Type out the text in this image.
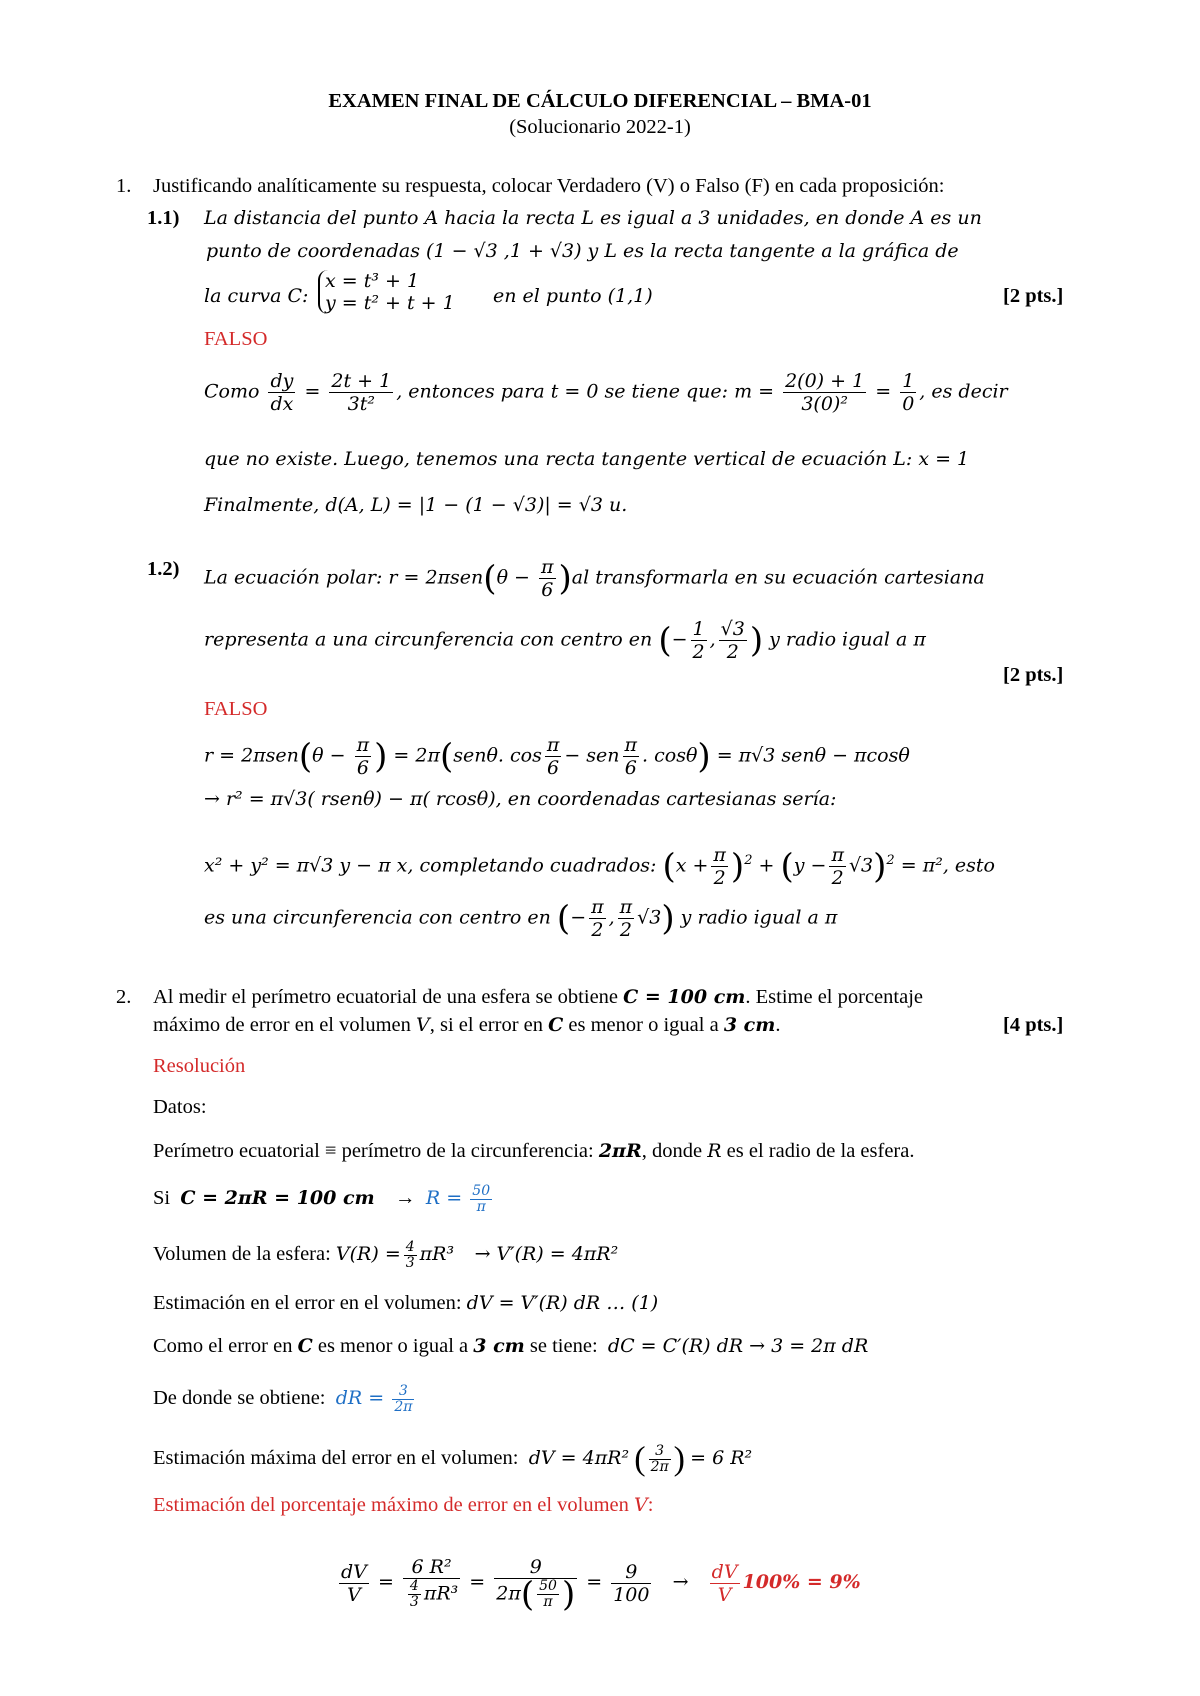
EXAMEN FINAL DE CÁLCULO DIFERENCIAL – BMA-01
(Solucionario 2022-1)
1. Justificando analíticamente su respuesta, colocar Verdadero (V) o Falso (F) en cada proposición:
1.1) La distancia del punto A hacia la recta L es igual a 3 unidades, en donde A es un
punto de coordenadas (1 − √3 ,1 + √3) y L es la recta tangente a la gráfica de
la curva C:
x = t³ + 1
y = t² + t + 1 en el punto (1,1)	[2 pts.]
FALSO
Como $\frac{dy}{dx} = \frac{2t + 1}{\text{3t²}}$ , entonces para t = 0 se tiene que: $m = \frac{2(0) + 1}{\text{3(0)²}} = \frac{1}{0}$ , es decir
que no existe. Luego, tenemos una recta tangente vertical de ecuación L: x = 1
Finalmente, d(A, L) = |1 − (1 − √3)| = √3 u.
1.2) La ecuación polar: $r = 2\pi sen(\theta - \frac{\pi}{6} )al$ transformarla en su ecuación cartesiana
representa a una circunferencia con centro en (− $\frac{1}{2}$ , $\frac{√3}{2}$ ) y radio igual a π
[2 pts.]
FALSO
$r = 2\pi sen(\theta - \frac{\pi}{6}$ ) = 2π(senθ. $\cos \frac{\pi}{6}$ − sen $\frac{\pi}{6}$ . cosθ) = π√3 senθ − πcosθ
→ r² = π√3( rsenθ) − π( rcosθ), en coordenadas cartesianas sería:
x² + y² = π√3 y − π x, completando cuadrados: $(x + \frac{\pi}{2} )^2 + (y - \frac{\pi}{2} √3)^2 = \pi^2$, esto
es una circunferencia con centro en (− $\frac{\pi}{2}$ , $\frac{\pi}{2} √3$) y radio igual a π
2. Al medir el perímetro ecuatorial de una esfera se obtiene C = 100 cm. Estime el porcentaje
máximo de error en el volumen V, si el error en C es menor o igual a 3 cm.	[4 pts.]
Resolución
Datos:
Perímetro ecuatorial ≡ perímetro de la circunferencia: 2πR, donde R es el radio de la esfera.
Si C = 2πR = 100 cm → $R = \frac{50}{\pi}$
Volumen de la esfera: $V(R) = \frac{4}{3} \pi R^3 \to V'(R) = 4\pi R^2$
Estimación en el error en el volumen: dV = V′(R) dR … (1)
Como el error en C es menor o igual a 3 cm se tiene: dC = C′(R) dR → 3 = 2π dR
De donde se obtiene: dR = $\frac{3}{2\pi}$
Estimación máxima del error en el volumen: dV = 4πR² ( $\frac{3}{2\pi}$ ) = 6 R²
Estimación del porcentaje máximo de error en el volumen V:
$\frac{dV}{V} = \frac{\text{6 R²}}{\frac{4}{3} \pi R^3} = \frac{9}{2\pi( \frac{50}{\pi} )} = \frac{9}{100} \to \frac{dV}{V} 100\% = 9\%$
